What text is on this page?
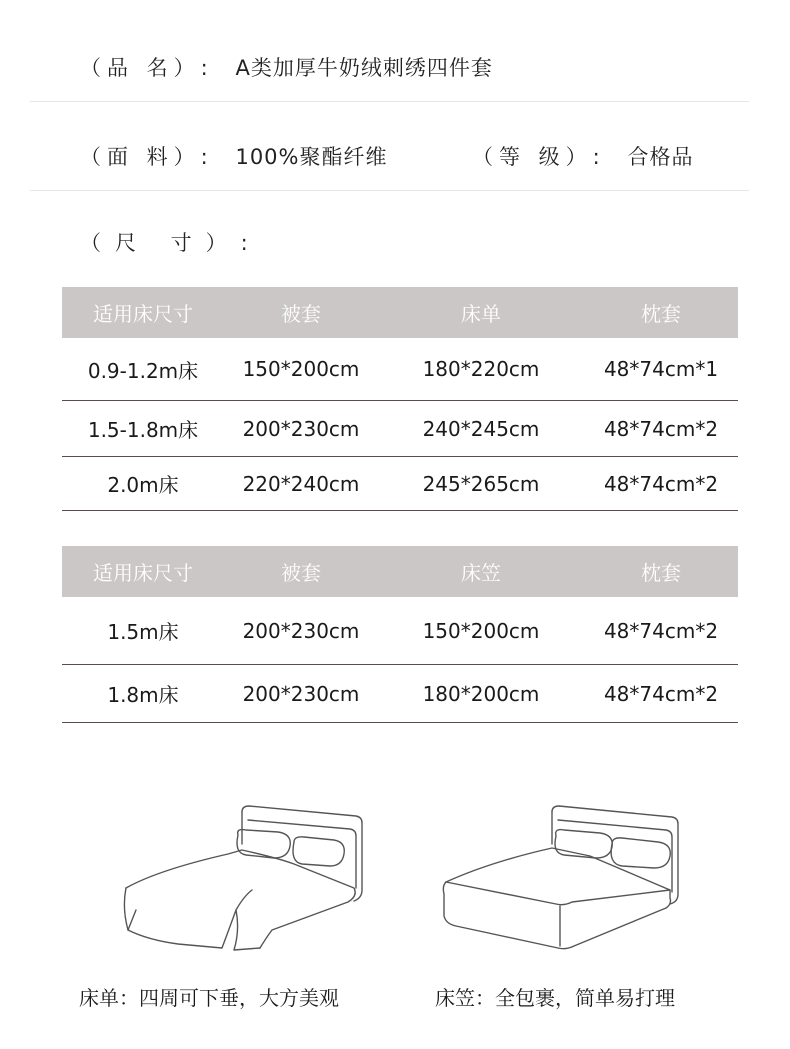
（品 名）: A类加厚牛奶绒刺绣四件套
（面 料）: 100%聚酯纤维	（等 级）: 合格品
（尺 寸）:
适用床尺寸	被套	床单	枕套
0.9-1.2m床	150*200cm	180*220cm	48*74cm*1
1.5-1.8m床	200*230cm	240*245cm	48*74cm*2
2.0m床	220*240cm	245*265cm	48*74cm*2
适用床尺寸	被套	床笠	枕套
1.5m床	200*230cm	150*200cm	48*74cm*2
1.8m床	200*230cm	180*200cm	48*74cm*2
床单：四周可下垂，大方美观	床笠：全包裹，简单易打理
